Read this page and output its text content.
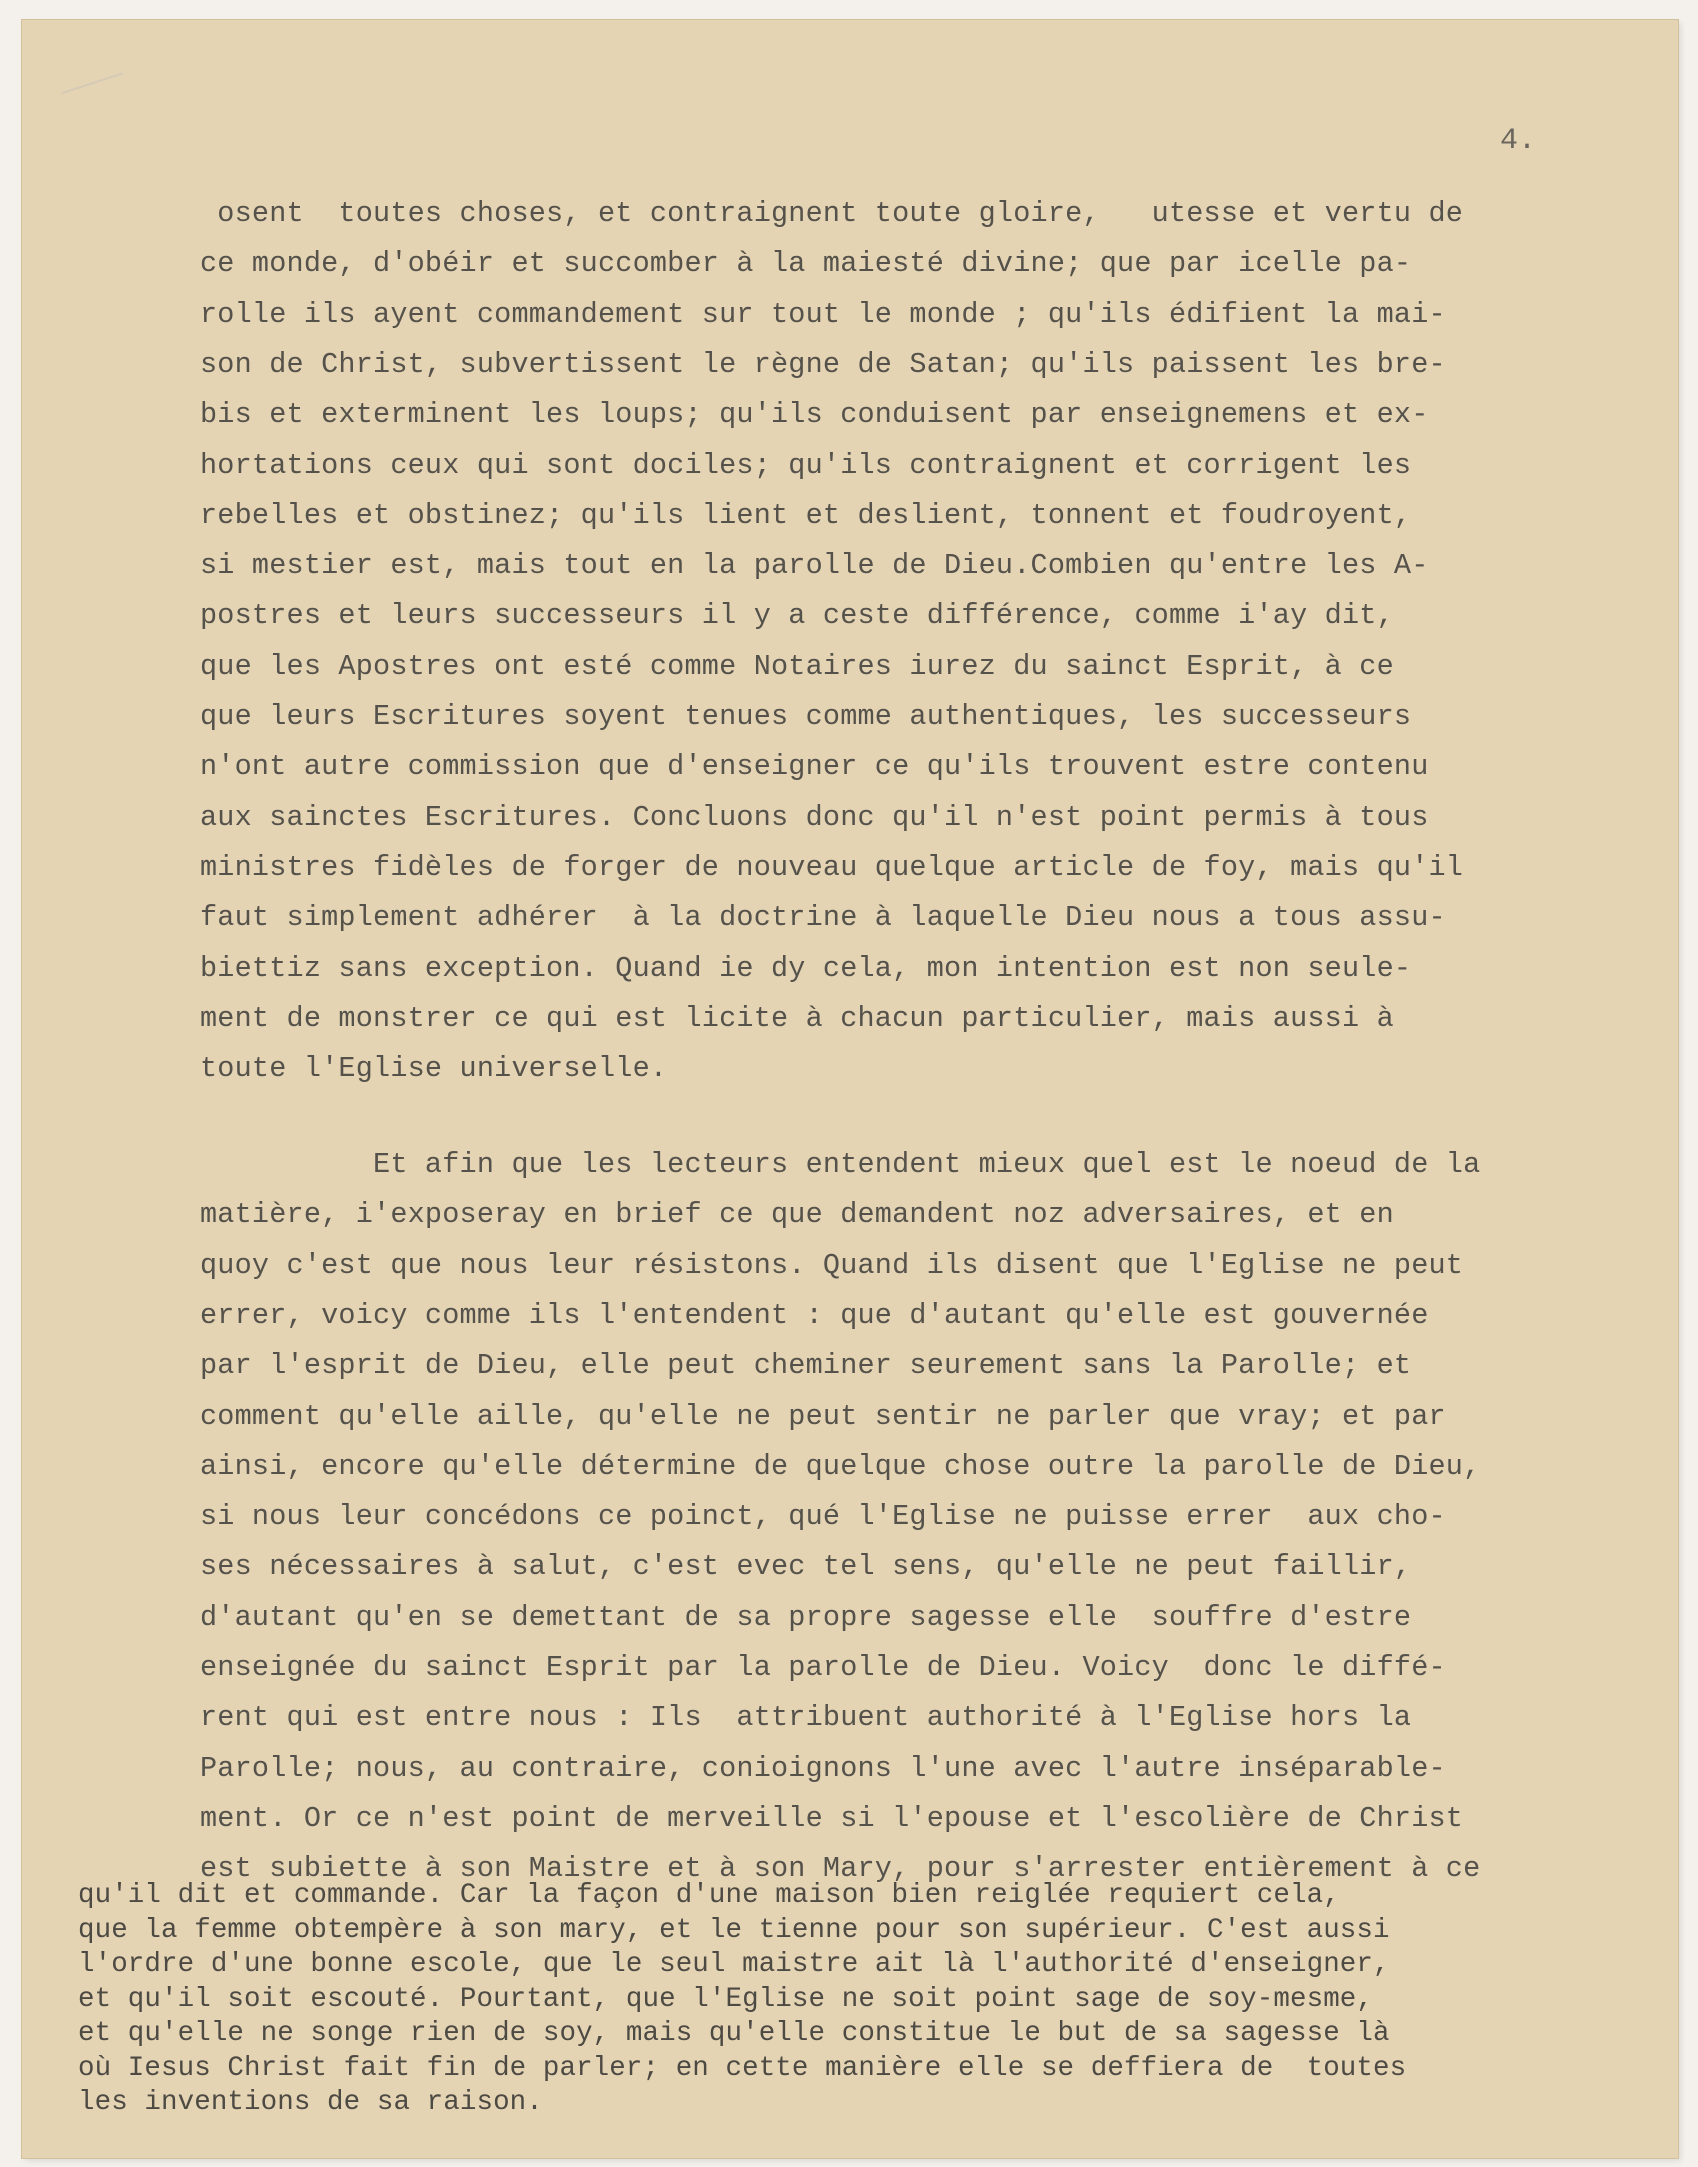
4.
osent  toutes choses, et contraignent toute gloire,   utesse et vertu de
ce monde, d'obéir et succomber à la maiesté divine; que par icelle pa-
rolle ils ayent commandement sur tout le monde ; qu'ils édifient la mai-
son de Christ, subvertissent le règne de Satan; qu'ils paissent les bre-
bis et exterminent les loups; qu'ils conduisent par enseignemens et ex-
hortations ceux qui sont dociles; qu'ils contraignent et corrigent les
rebelles et obstinez; qu'ils lient et deslient, tonnent et foudroyent,
si mestier est, mais tout en la parolle de Dieu.Combien qu'entre les A-
postres et leurs successeurs il y a ceste différence, comme i'ay dit,
que les Apostres ont esté comme Notaires iurez du sainct Esprit, à ce
que leurs Escritures soyent tenues comme authentiques, les successeurs
n'ont autre commission que d'enseigner ce qu'ils trouvent estre contenu
aux sainctes Escritures. Concluons donc qu'il n'est point permis à tous
ministres fidèles de forger de nouveau quelque article de foy, mais qu'il
faut simplement adhérer  à la doctrine à laquelle Dieu nous a tous assu-
biettiz sans exception. Quand ie dy cela, mon intention est non seule-
ment de monstrer ce qui est licite à chacun particulier, mais aussi à
toute l'Eglise universelle.
Et afin que les lecteurs entendent mieux quel est le noeud de la
matière, i'exposeray en brief ce que demandent noz adversaires, et en
quoy c'est que nous leur résistons. Quand ils disent que l'Eglise ne peut
errer, voicy comme ils l'entendent : que d'autant qu'elle est gouvernée
par l'esprit de Dieu, elle peut cheminer seurement sans la Parolle; et
comment qu'elle aille, qu'elle ne peut sentir ne parler que vray; et par
ainsi, encore qu'elle détermine de quelque chose outre la parolle de Dieu,
si nous leur concédons ce poinct, qué l'Eglise ne puisse errer  aux cho-
ses nécessaires à salut, c'est evec tel sens, qu'elle ne peut faillir,
d'autant qu'en se demettant de sa propre sagesse elle  souffre d'estre
enseignée du sainct Esprit par la parolle de Dieu. Voicy  donc le diffé-
rent qui est entre nous : Ils  attribuent authorité à l'Eglise hors la
Parolle; nous, au contraire, conioignons l'une avec l'autre inséparable-
ment. Or ce n'est point de merveille si l'epouse et l'escolière de Christ
est subiette à son Maistre et à son Mary, pour s'arrester entièrement à ce
qu'il dit et commande. Car la façon d'une maison bien reiglée requiert cela,
que la femme obtempère à son mary, et le tienne pour son supérieur. C'est aussi
l'ordre d'une bonne escole, que le seul maistre ait là l'authorité d'enseigner,
et qu'il soit escouté. Pourtant, que l'Eglise ne soit point sage de soy-mesme,
et qu'elle ne songe rien de soy, mais qu'elle constitue le but de sa sagesse là
où Iesus Christ fait fin de parler; en cette manière elle se deffiera de  toutes
les inventions de sa raison.
